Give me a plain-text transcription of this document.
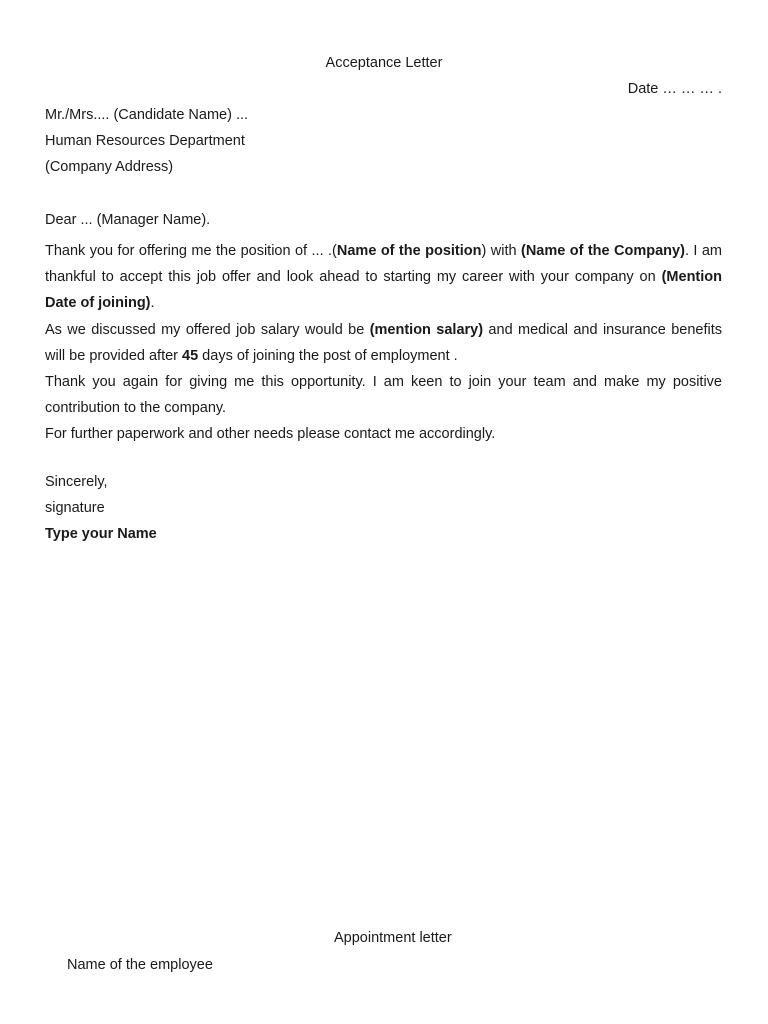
Acceptance Letter
Date … … … .
Mr./Mrs.... (Candidate Name) ...
Human Resources Department
(Company Address)
Dear ... (Manager Name).

Thank you for offering me the position of ... .(Name of the position) with (Name of the Company). I am thankful to accept this job offer and look ahead to starting my career with your company on (Mention Date of joining).

As we discussed my offered job salary would be (mention salary) and medical and insurance benefits will be provided after 45 days of joining the post of employment .

Thank you again for giving me this opportunity. I am keen to join your team and make my positive contribution to the company.

For further paperwork and other needs please contact me accordingly.

Sincerely,
signature
Type your Name
Appointment letter
Name of the employee
